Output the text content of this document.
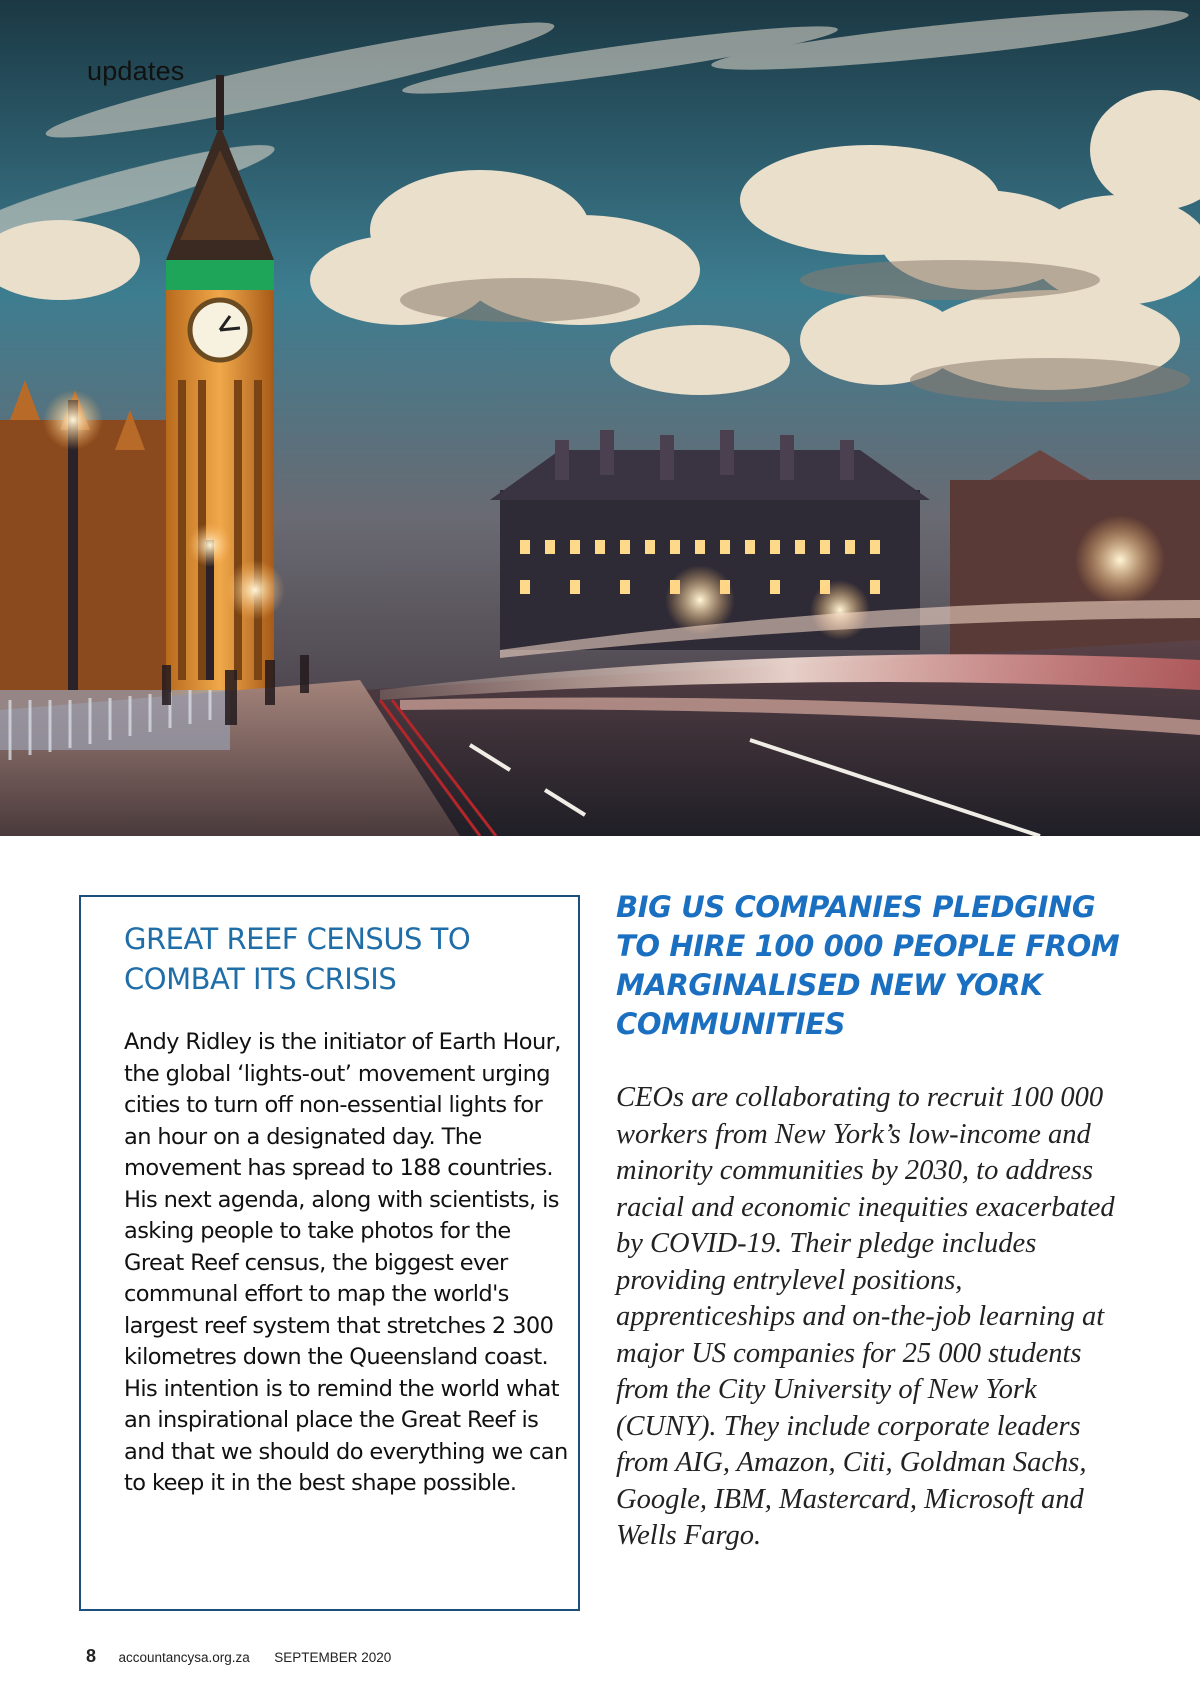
updates
GREAT REEF CENSUS TO COMBAT ITS CRISIS

Andy Ridley is the initiator of Earth Hour, the global ‘lights-out’ movement urging cities to turn off non-essential lights for an hour on a designated day. The movement has spread to 188 countries.

His next agenda, along with scientists, is asking people to take photos for the Great Reef census, the biggest ever communal effort to map the world's largest reef system that stretches 2 300 kilometres down the Queensland coast. His intention is to remind the world what an inspirational place the Great Reef is and that we should do everything we can to keep it in the best shape possible.

BIG US COMPANIES PLEDGING TO HIRE 100 000 PEOPLE FROM MARGINALISED NEW YORK COMMUNITIES

CEOs are collaborating to recruit 100 000 workers from New York’s low-income and minority communities by 2030, to address racial and economic inequities exacerbated by COVID-19. Their pledge includes providing entrylevel positions, apprenticeships and on-the-job learning at major US companies for 25 000 students from the City University of New York (CUNY). They include corporate leaders from AIG, Amazon, Citi, Goldman Sachs, Google, IBM, Mastercard, Microsoft and Wells Fargo.

8 accountancysa.org.za SEPTEMBER 2020
